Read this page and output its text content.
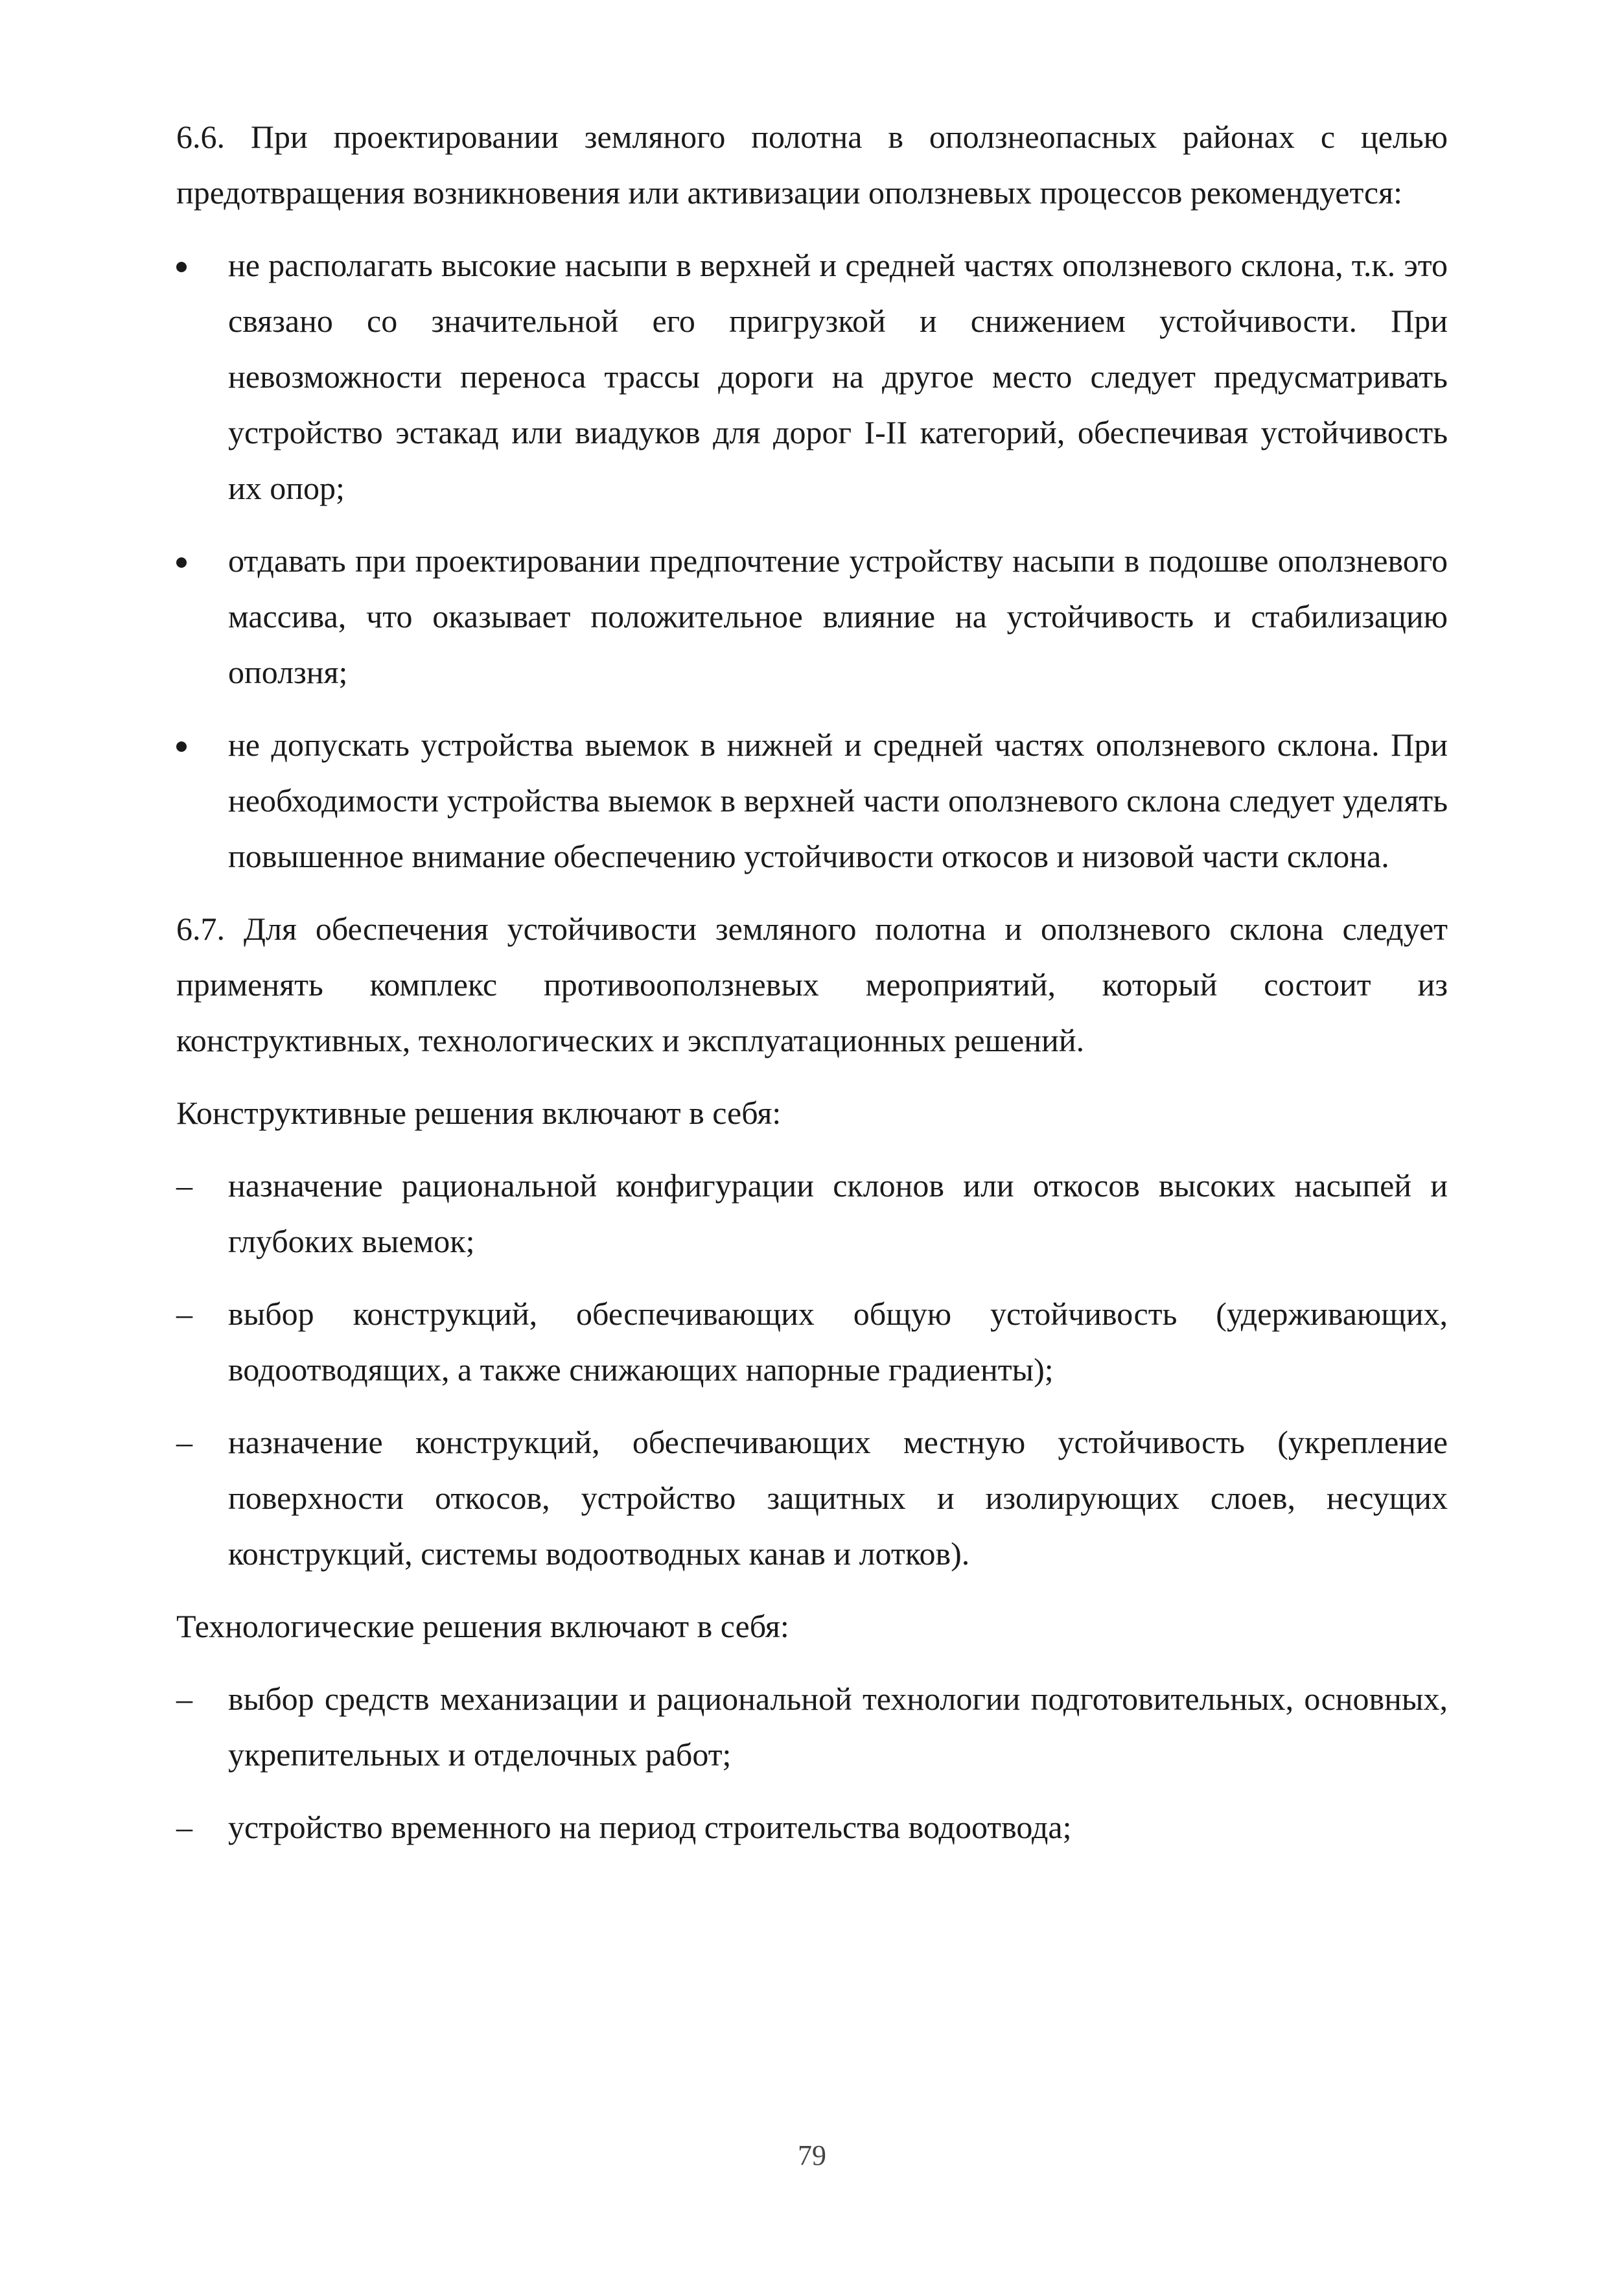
6.6. При проектировании земляного полотна в оползнеопасных районах с целью предотвращения возникновения или активизации оползневых процессов рекомендуется:

не располагать высокие насыпи в верхней и средней частях оползневого склона, т.к. это связано со значительной его пригрузкой и снижением устойчивости. При невозможности переноса трассы дороги на другое место следует предусматривать устройство эстакад или виадуков для дорог I-II категорий, обеспечивая устойчивость их опор;
отдавать при проектировании предпочтение устройству насыпи в подошве оползневого массива, что оказывает положительное влияние на устойчивость и стабилизацию оползня;
не допускать устройства выемок в нижней и средней частях оползневого склона. При необходимости устройства выемок в верхней части оползневого склона следует уделять повышенное внимание обеспечению устойчивости откосов и низовой части склона.

6.7. Для обеспечения устойчивости земляного полотна и оползневого склона следует применять комплекс противооползневых мероприятий, который состоит из конструктивных, технологических и эксплуатационных решений.

Конструктивные решения включают в себя:

–	назначение рациональной конфигурации склонов или откосов высоких насыпей и глубоких выемок;
–	выбор конструкций, обеспечивающих общую устойчивость (удерживающих, водоотводящих, а также снижающих напорные градиенты);
–	назначение конструкций, обеспечивающих местную устойчивость (укрепление поверхности откосов, устройство защитных и изолирующих слоев, несущих конструкций, системы водоотводных канав и лотков).

Технологические решения включают в себя:

–	выбор средств механизации и рациональной технологии подготовительных, основных, укрепительных и отделочных работ;
–	устройство временного на период строительства водоотвода;
79
